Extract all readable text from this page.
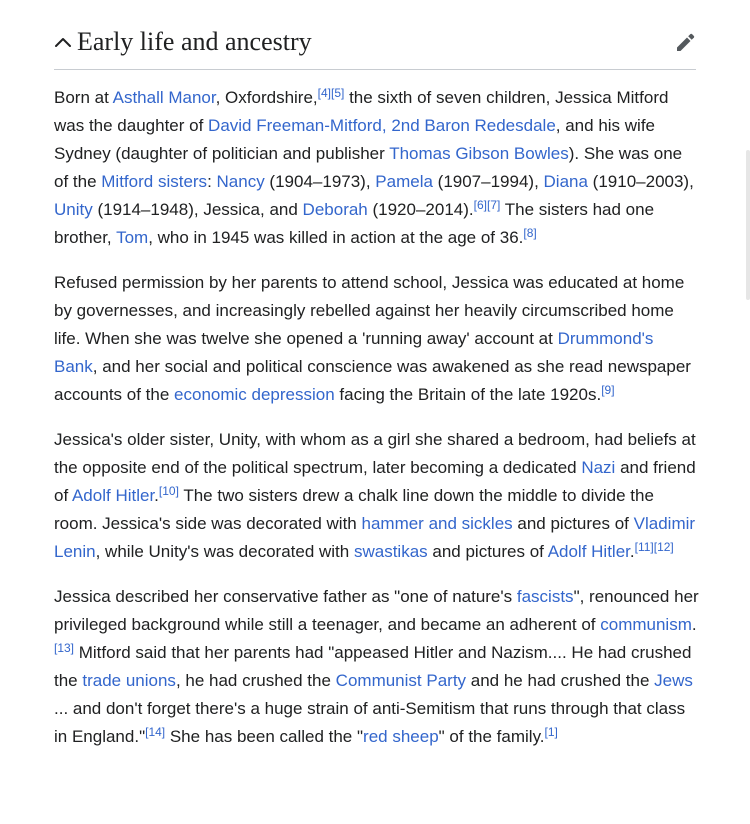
Early life and ancestry

Born at Asthall Manor, Oxfordshire,[4][5] the sixth of seven children, Jessica Mitford was the daughter of David Freeman-Mitford, 2nd Baron Redesdale, and his wife Sydney (daughter of politician and publisher Thomas Gibson Bowles). She was one of the Mitford sisters: Nancy (1904–1973), Pamela (1907–1994), Diana (1910–2003), Unity (1914–1948), Jessica, and Deborah (1920–2014).[6][7] The sisters had one brother, Tom, who in 1945 was killed in action at the age of 36.[8]

Refused permission by her parents to attend school, Jessica was educated at home by governesses, and increasingly rebelled against her heavily circumscribed home life. When she was twelve she opened a 'running away' account at Drummond's Bank, and her social and political conscience was awakened as she read newspaper accounts of the economic depression facing the Britain of the late 1920s.[9]

Jessica's older sister, Unity, with whom as a girl she shared a bedroom, had beliefs at the opposite end of the political spectrum, later becoming a dedicated Nazi and friend of Adolf Hitler.[10] The two sisters drew a chalk line down the middle to divide the room. Jessica's side was decorated with hammer and sickles and pictures of Vladimir Lenin, while Unity's was decorated with swastikas and pictures of Adolf Hitler.[11][12]

Jessica described her conservative father as "one of nature's fascists", renounced her privileged background while still a teenager, and became an adherent of communism.[13] Mitford said that her parents had "appeased Hitler and Nazism.... He had crushed the trade unions, he had crushed the Communist Party and he had crushed the Jews ... and don't forget there's a huge strain of anti-Semitism that runs through that class in England."[14] She has been called the "red sheep" of the family.[1]
